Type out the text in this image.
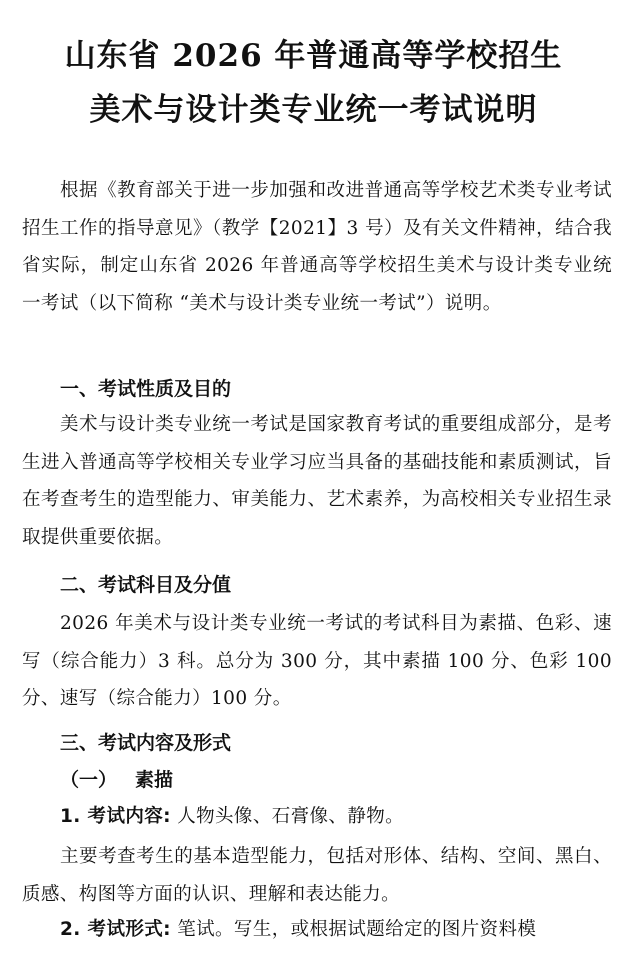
山东省 2026 年普通高等学校招生
美术与设计类专业统一考试说明
根据《教育部关于进一步加强和改进普通高等学校艺术类专业考试招生工作的指导意见》（教学【2021】3 号）及有关文件精神，结合我省实际，制定山东省 2026 年普通高等学校招生美术与设计类专业统一考试（以下简称 “美术与设计类专业统一考试”）说明。
一、考试性质及目的
美术与设计类专业统一考试是国家教育考试的重要组成部分，是考生进入普通高等学校相关专业学习应当具备的基础技能和素质测试，旨在考查考生的造型能力、审美能力、艺术素养，为高校相关专业招生录取提供重要依据。
二、考试科目及分值
2026 年美术与设计类专业统一考试的考试科目为素描、色彩、速写（综合能力）3 科。总分为 300 分，其中素描 100 分、色彩 100 分、速写（综合能力）100 分。
三、考试内容及形式
（一） 素描
1. 考试内容: 人物头像、石膏像、静物。
主要考查考生的基本造型能力，包括对形体、结构、空间、黑白、质感、构图等方面的认识、理解和表达能力。
2. 考试形式: 笔试。写生，或根据试题给定的图片资料模
